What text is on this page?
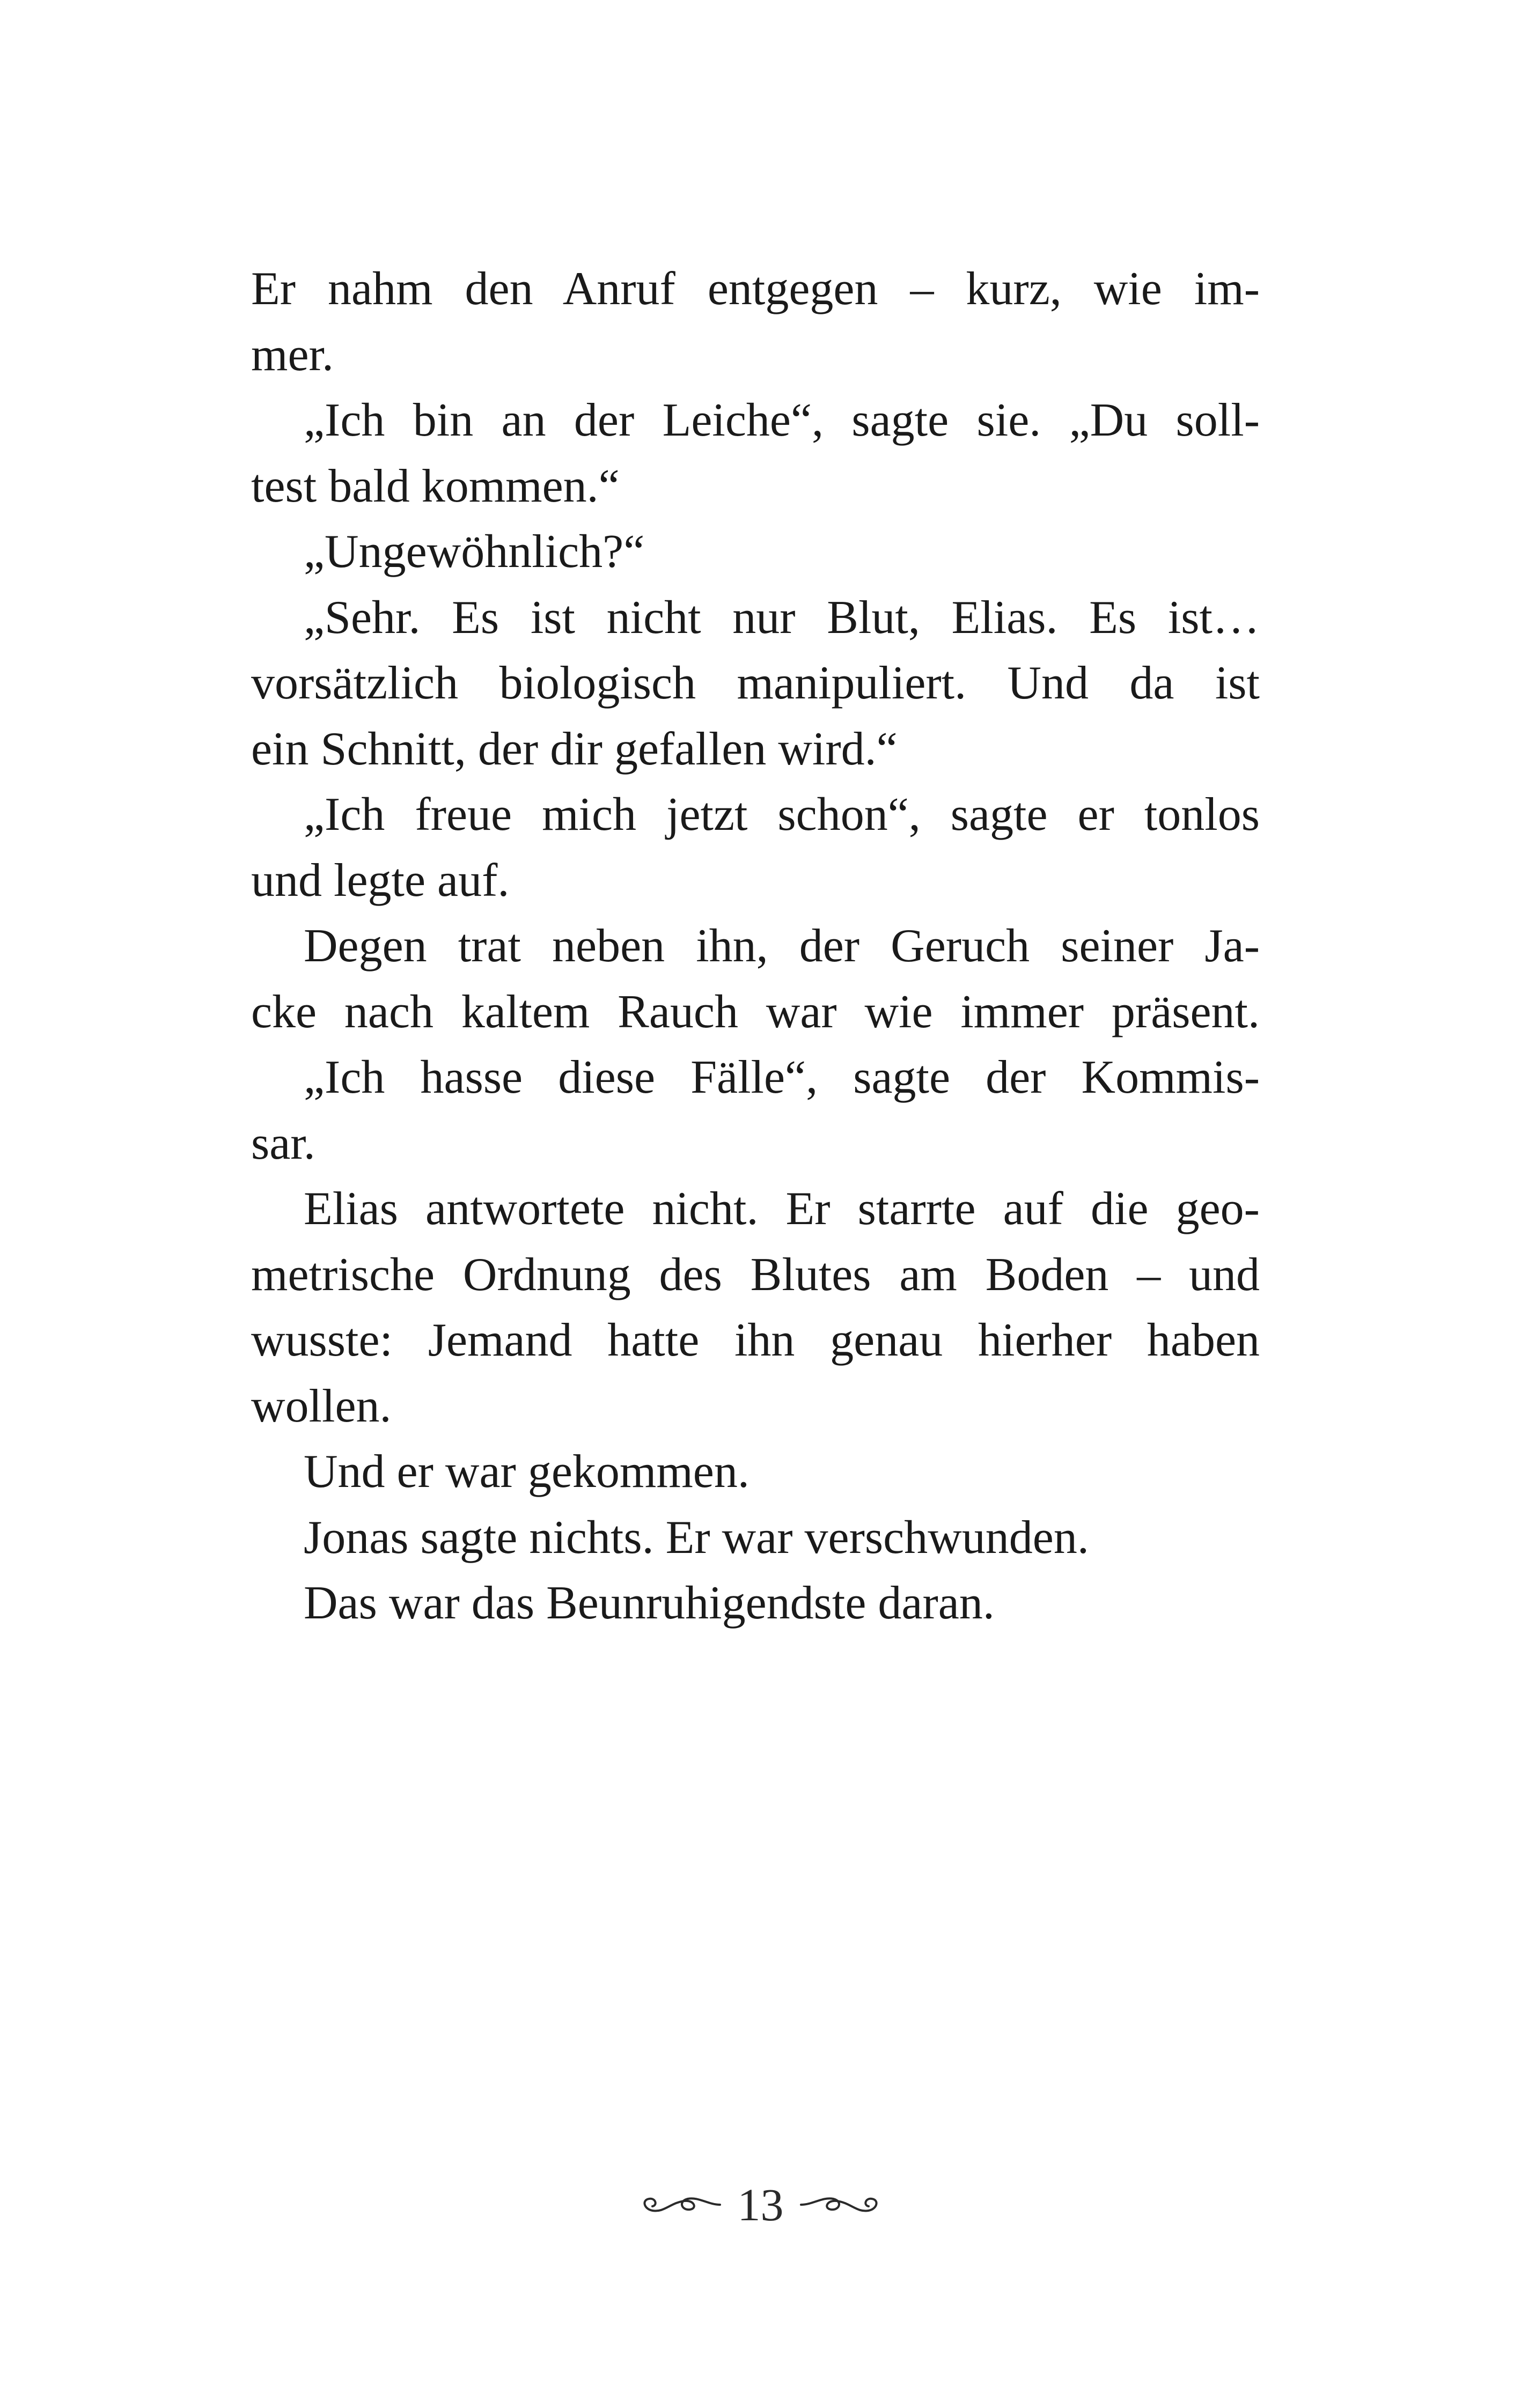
Er nahm den Anruf entgegen – kurz, wie im-
mer.
„Ich bin an der Leiche“, sagte sie. „Du soll-
test bald kommen.“
„Ungewöhnlich?“
„Sehr. Es ist nicht nur Blut, Elias. Es ist…
vorsätzlich biologisch manipuliert. Und da ist
ein Schnitt, der dir gefallen wird.“
„Ich freue mich jetzt schon“, sagte er tonlos
und legte auf.
Degen trat neben ihn, der Geruch seiner Ja-
cke nach kaltem Rauch war wie immer präsent.
„Ich hasse diese Fälle“, sagte der Kommis-
sar.
Elias antwortete nicht. Er starrte auf die geo-
metrische Ordnung des Blutes am Boden – und
wusste: Jemand hatte ihn genau hierher haben
wollen.
Und er war gekommen.
Jonas sagte nichts. Er war verschwunden.
Das war das Beunruhigendste daran.
13
